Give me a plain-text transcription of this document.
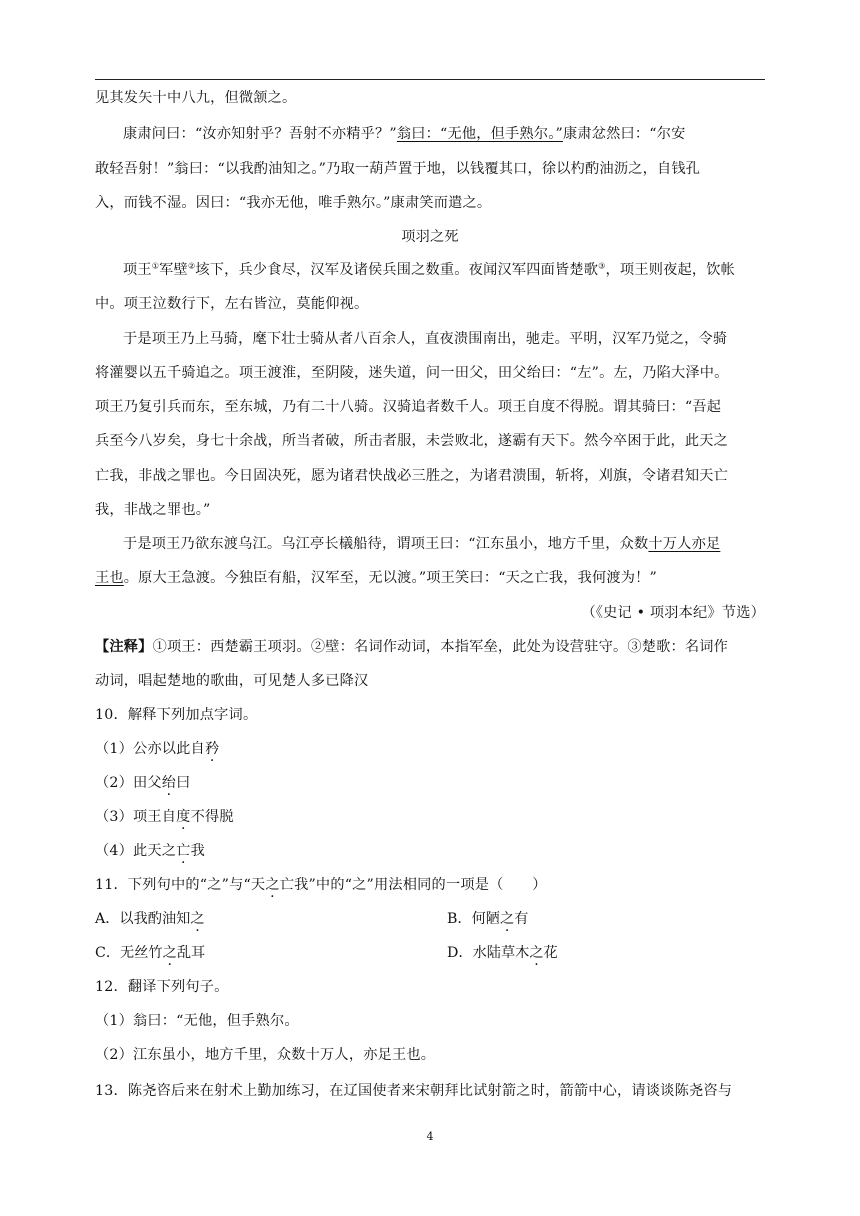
见其发矢十中八九，但微颔之。
康肃问曰：“汝亦知射乎？吾射不亦精乎？”翁曰：“无他，但手熟尔。”康肃忿然曰：“尔安
敢轻吾射！”翁曰：“以我酌油知之。”乃取一葫芦置于地，以钱覆其口，徐以杓酌油沥之，自钱孔
入，而钱不湿。因曰：“我亦无他，唯手熟尔。”康肃笑而遣之。
项羽之死
项王①军壁②垓下，兵少食尽，汉军及诸侯兵围之数重。夜闻汉军四面皆楚歌③，项王则夜起，饮帐
中。项王泣数行下，左右皆泣，莫能仰视。
于是项王乃上马骑，麾下壮士骑从者八百余人，直夜溃围南出，驰走。平明，汉军乃觉之，令骑
将灌婴以五千骑追之。项王渡淮，至阴陵，迷失道，问一田父，田父绐曰：“左”。左，乃陷大泽中。
项王乃复引兵而东，至东城，乃有二十八骑。汉骑追者数千人。项王自度不得脱。谓其骑曰：“吾起
兵至今八岁矣，身七十余战，所当者破，所击者服，未尝败北，遂霸有天下。然今卒困于此，此天之
亡我，非战之罪也。今日固决死，愿为诸君快战必三胜之，为诸君溃围，斩将，刈旗，令诸君知天亡
我，非战之罪也。”
于是项王乃欲东渡乌江。乌江亭长檥船待，谓项王曰：“江东虽小，地方千里，众数十万人亦足
王也。原大王急渡。今独臣有船，汉军至，无以渡。”项王笑曰：“天之亡我，我何渡为！”
（《史记 • 项羽本纪》节选）
【注释】①项王：西楚霸王项羽。②壁：名词作动词，本指军垒，此处为设营驻守。③楚歌：名词作
动词，唱起楚地的歌曲，可见楚人多已降汉
10．解释下列加点字词。
（1）公亦以此自矜
（2）田父绐曰
（3）项王自度不得脱
（4）此天之亡我
11．下列句中的“之”与“天之亡我”中的“之”用法相同的一项是（　　）
A．以我酌油知之	B．何陋之有
C．无丝竹之乱耳	D．水陆草木之花
12．翻译下列句子。
（1）翁曰：“无他，但手熟尔。
（2）江东虽小，地方千里，众数十万人，亦足王也。
13．陈尧咨后来在射术上勤加练习，在辽国使者来宋朝拜比试射箭之时，箭箭中心，请谈谈陈尧咨与
4
